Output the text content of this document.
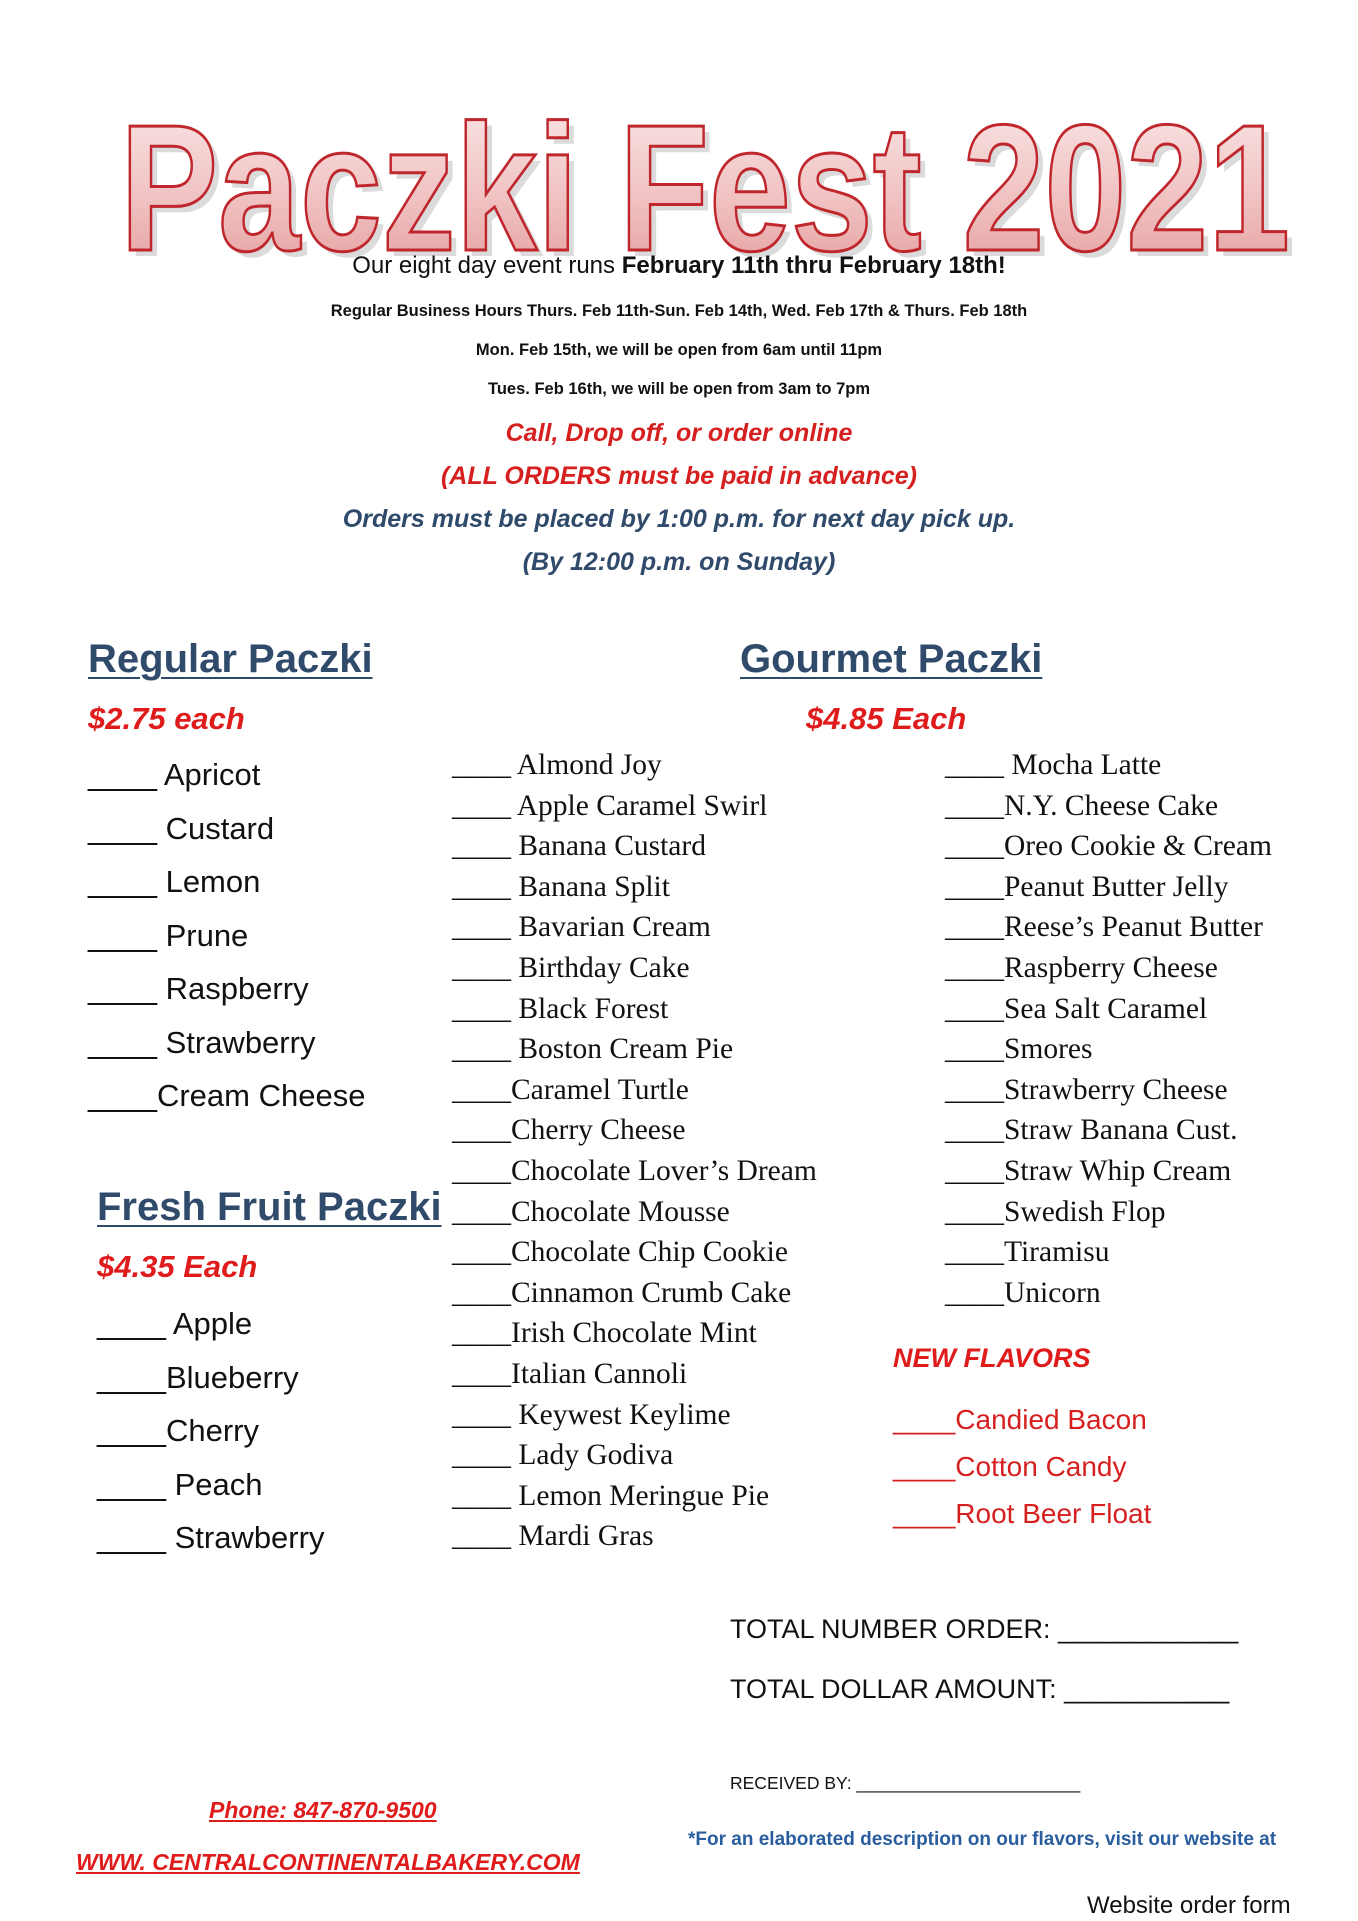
Paczki Fest 2021
Paczki Fest 2021
Our eight day event runs February 11th thru February 18th!
Regular Business Hours Thurs. Feb 11th-Sun. Feb 14th, Wed. Feb 17th & Thurs. Feb 18th
Mon. Feb 15th, we will be open from 6am until 11pm
Tues. Feb 16th, we will be open from 3am to 7pm
Call, Drop off, or order online
(ALL ORDERS must be paid in advance)
Orders must be placed by 1:00 p.m. for next day pick up.
(By 12:00 p.m. on Sunday)
Regular Paczki
$2.75 each
____ Apricot
____ Custard
____ Lemon
____ Prune
____ Raspberry
____ Strawberry
____Cream Cheese
Fresh Fruit Paczki
$4.35 Each
____ Apple
____Blueberry
____Cherry
____ Peach
____ Strawberry
Gourmet Paczki
$4.85 Each
____ Almond Joy
____ Apple Caramel Swirl
____ Banana Custard
____ Banana Split
____ Bavarian Cream
____ Birthday Cake
____ Black Forest
____ Boston Cream Pie
____Caramel Turtle
____Cherry Cheese
____Chocolate Lover’s Dream
____Chocolate Mousse
____Chocolate Chip Cookie
____Cinnamon Crumb Cake
____Irish Chocolate Mint
____Italian Cannoli
____ Keywest Keylime
____ Lady Godiva
____ Lemon Meringue Pie
____ Mardi Gras
____ Mocha Latte
____N.Y. Cheese Cake
____Oreo Cookie & Cream
____Peanut Butter Jelly
____Reese’s Peanut Butter
____Raspberry Cheese
____Sea Salt Caramel
____Smores
____Strawberry Cheese
____Straw Banana Cust.
____Straw Whip Cream
____Swedish Flop
____Tiramisu
____Unicorn
NEW FLAVORS
____Candied Bacon
____Cotton Candy
____Root Beer Float
TOTAL NUMBER ORDER: ____________
TOTAL DOLLAR AMOUNT: ___________
RECEIVED BY: _______________________
Phone: 847-870-9500
WWW. CENTRALCONTINENTALBAKERY.COM
*For an elaborated description on our flavors, visit our website at
Website order form
